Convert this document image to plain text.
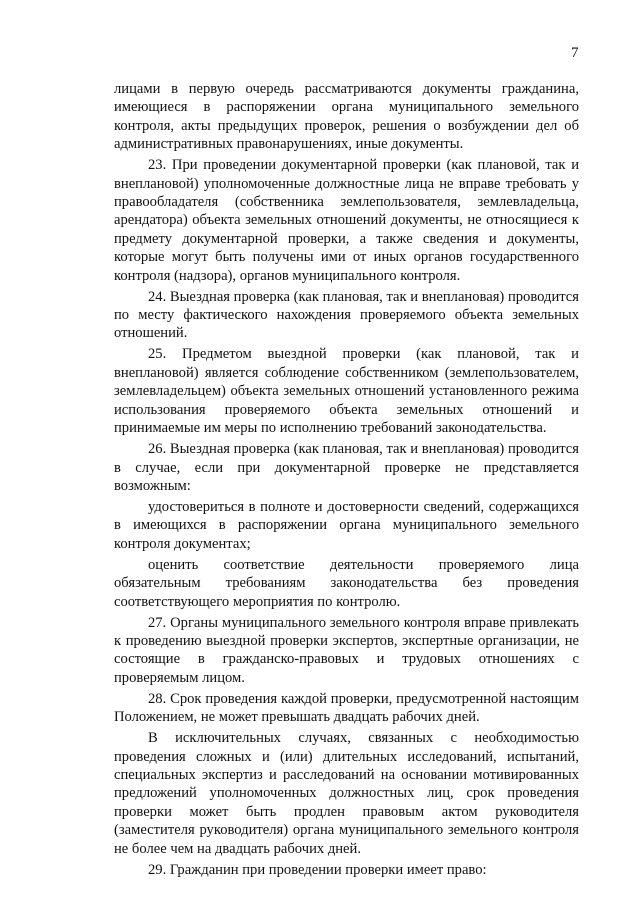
7

лицами в первую очередь рассматриваются документы гражданина, имеющиеся в распоряжении органа муниципального земельного контроля, акты предыдущих проверок, решения о возбуждении дел об административных правонарушениях, иные документы.

23. При проведении документарной проверки (как плановой, так и внеплановой) уполномоченные должностные лица не вправе требовать у правообладателя (собственника землепользователя, землевладельца, арендатора) объекта земельных отношений документы, не относящиеся к предмету документарной проверки, а также сведения и документы, которые могут быть получены ими от иных органов государственного контроля (надзора), органов муниципального контроля.

24. Выездная проверка (как плановая, так и внеплановая) проводится по месту фактического нахождения проверяемого объекта земельных отношений.

25. Предметом выездной проверки (как плановой, так и внеплановой) является соблюдение собственником (землепользователем, землевладельцем) объекта земельных отношений установленного режима использования проверяемого объекта земельных отношений и принимаемые им меры по исполнению требований законодательства.

26. Выездная проверка (как плановая, так и внеплановая) проводится в случае, если при документарной проверке не представляется возможным:

удостовериться в полноте и достоверности сведений, содержащихся в имеющихся в распоряжении органа муниципального земельного контроля документах;

оценить соответствие деятельности проверяемого лица обязательным требованиям законодательства без проведения соответствующего мероприятия по контролю.

27. Органы муниципального земельного контроля вправе привлекать к проведению выездной проверки экспертов, экспертные организации, не состоящие в гражданско-правовых и трудовых отношениях с проверяемым лицом.

28. Срок проведения каждой проверки, предусмотренной настоящим Положением, не может превышать двадцать рабочих дней.

В исключительных случаях, связанных с необходимостью проведения сложных и (или) длительных исследований, испытаний, специальных экспертиз и расследований на основании мотивированных предложений уполномоченных должностных лиц, срок проведения проверки может быть продлен правовым актом руководителя (заместителя руководителя) органа муниципального земельного контроля не более чем на двадцать рабочих дней.

29. Гражданин при проведении проверки имеет право:
